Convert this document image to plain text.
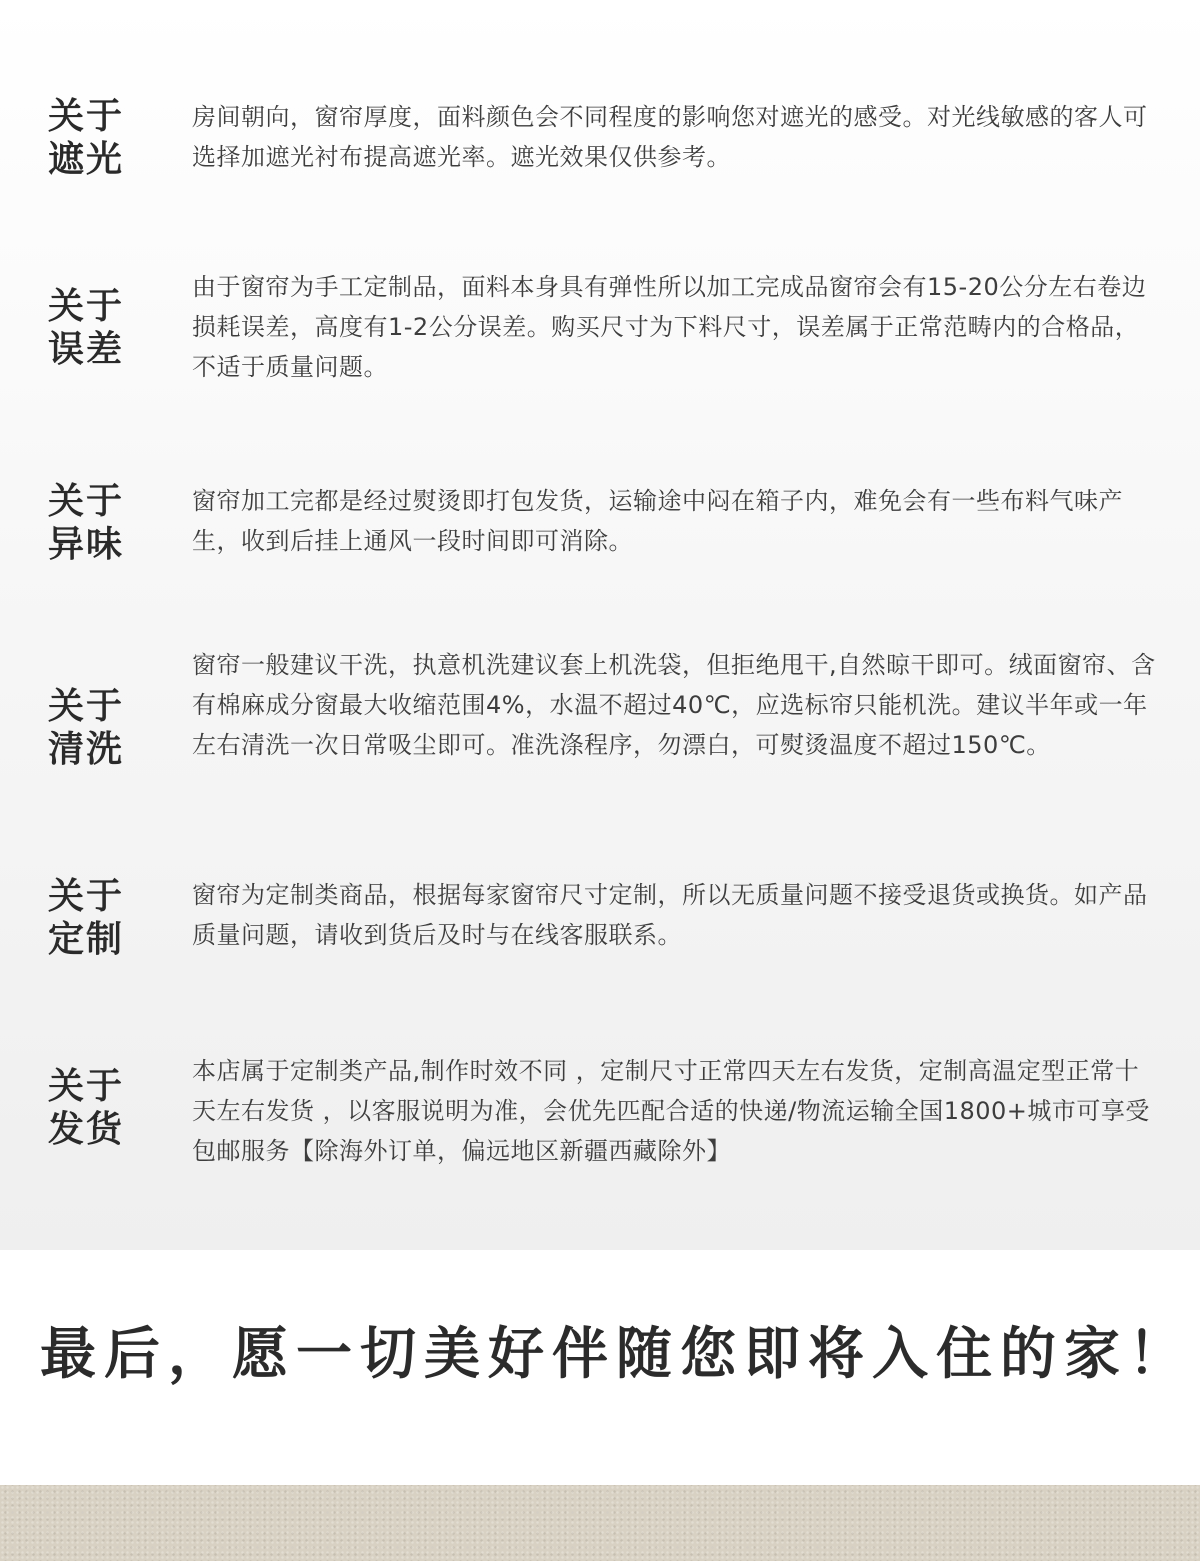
关于
遮光
房间朝向，窗帘厚度，面料颜色会不同程度的影响您对遮光的感受。对光线敏感的客人可选择加遮光衬布提高遮光率。遮光效果仅供参考。
关于
误差
由于窗帘为手工定制品，面料本身具有弹性所以加工完成品窗帘会有15-20公分左右卷边损耗误差，高度有1-2公分误差。购买尺寸为下料尺寸，误差属于正常范畴内的合格品，不适于质量问题。
关于
异味
窗帘加工完都是经过熨烫即打包发货，运输途中闷在箱子内，难免会有一些布料气味产生，收到后挂上通风一段时间即可消除。
关于
清洗
窗帘一般建议干洗，执意机洗建议套上机洗袋，但拒绝甩干,自然晾干即可。绒面窗帘、含有棉麻成分窗最大收缩范围4%，水温不超过40℃，应选标帘只能机洗。建议半年或一年左右清洗一次日常吸尘即可。准洗涤程序，勿漂白，可熨烫温度不超过150℃。
关于
定制
窗帘为定制类商品，根据每家窗帘尺寸定制，所以无质量问题不接受退货或换货。如产品质量问题，请收到货后及时与在线客服联系。
关于
发货
本店属于定制类产品,制作时效不同 ，定制尺寸正常四天左右发货，定制高温定型正常十天左右发货 ，以客服说明为准，会优先匹配合适的快递/物流运输全国1800+城市可享受包邮服务【除海外订单，偏远地区新疆西藏除外】
最后，愿一切美好伴随您即将入住的家！
